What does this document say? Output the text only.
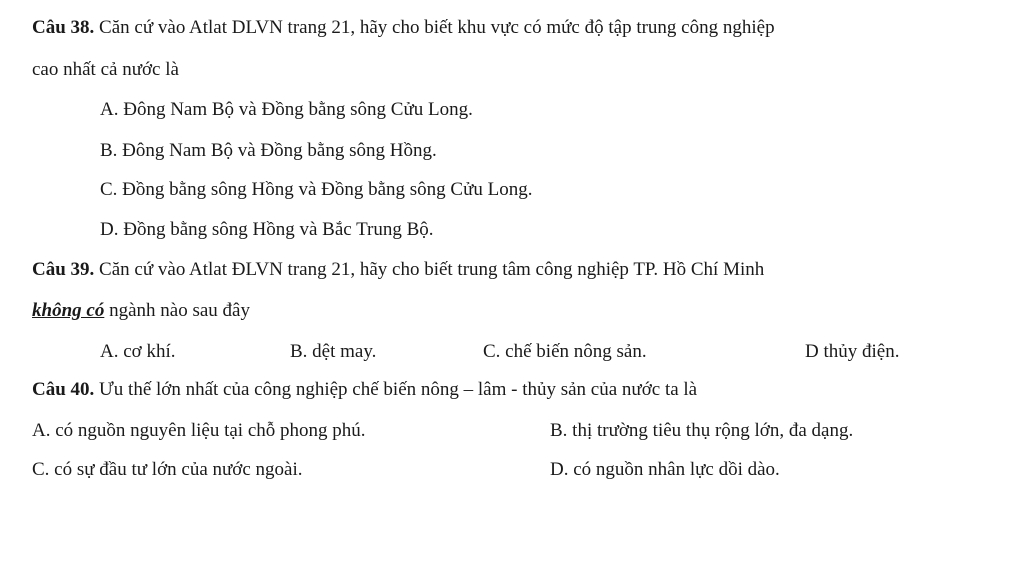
Câu 38. Căn cứ vào Atlat DLVN trang 21, hãy cho biết khu vực có mức độ tập trung công nghiệp
cao nhất cả nước là
A. Đông Nam Bộ và Đồng bằng sông Cửu Long.
B. Đông Nam Bộ và Đồng bằng sông Hồng.
C. Đồng bằng sông Hồng và Đồng bằng sông Cửu Long.
D. Đồng bằng sông Hồng và Bắc Trung Bộ.
Câu 39. Căn cứ vào Atlat ĐLVN trang 21, hãy cho biết trung tâm công nghiệp TP. Hồ Chí Minh
không có ngành nào sau đây
A. cơ khí.	B. dệt may.	C. chế biến nông sản.	D thủy điện.
Câu 40. Ưu thế lớn nhất của công nghiệp chế biến nông – lâm - thủy sản của nước ta là
A. có nguồn nguyên liệu tại chỗ phong phú.	B. thị trường tiêu thụ rộng lớn, đa dạng.
C. có sự đầu tư lớn của nước ngoài.	D. có nguồn nhân lực dồi dào.
